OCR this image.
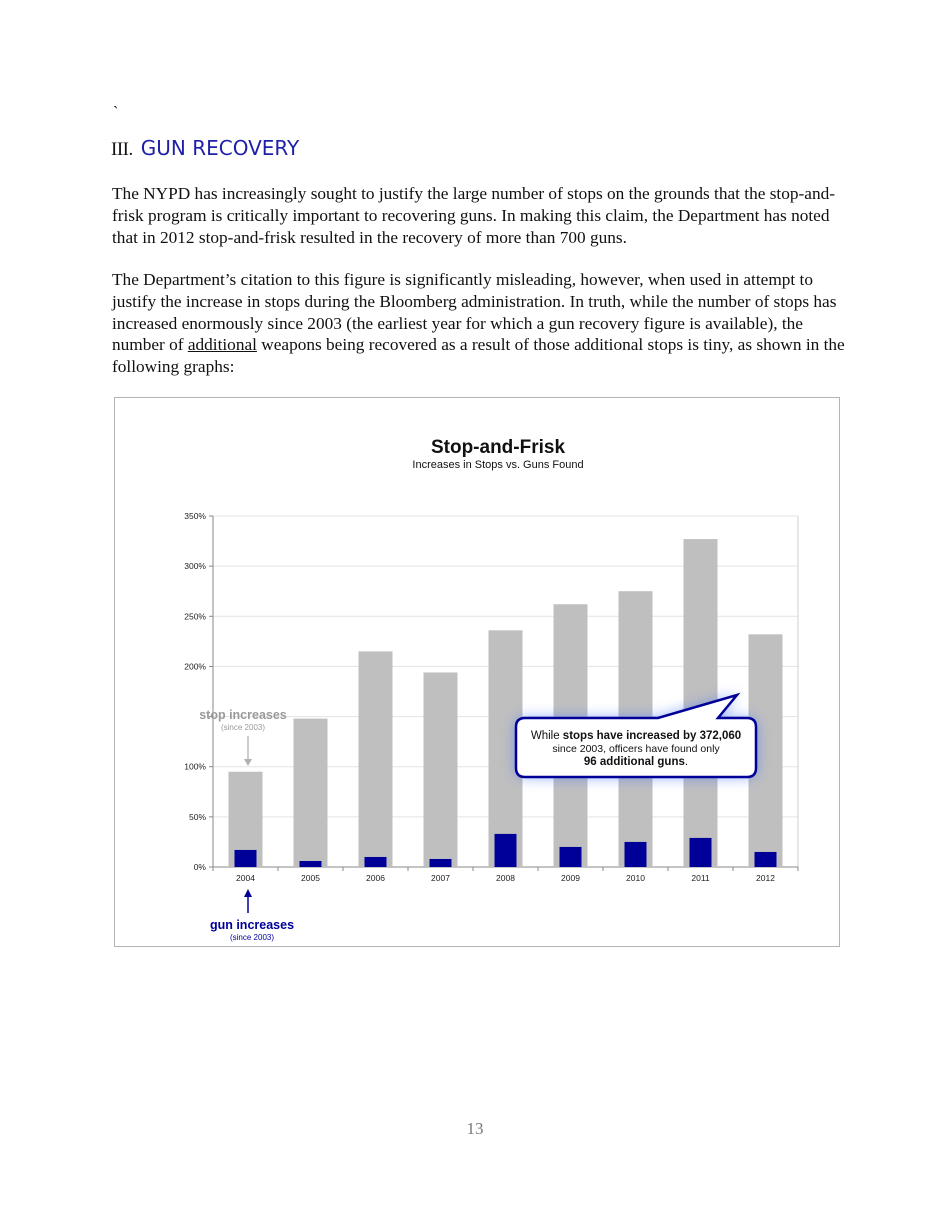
`
III. GUN RECOVERY

The NYPD has increasingly sought to justify the large number of stops on the grounds that the stop-and-frisk program is critically important to recovering guns. In making this claim, the Department has noted that in 2012 stop-and-frisk resulted in the recovery of more than 700 guns.

The Department’s citation to this figure is significantly misleading, however, when used in attempt to justify the increase in stops during the Bloomberg administration. In truth, while the number of stops has increased enormously since 2003 (the earliest year for which a gun recovery figure is available), the number of additional weapons being recovered as a result of those additional stops is tiny, as shown in the following graphs:

Stop-and-Frisk
Increases in Stops vs. Guns Found
0%
50%
100%
200%
250%
300%
350%
2004	2005	2006	2007	2008	2009	2010	2011	2012
stop increases
(since 2003)
gun increases
(since 2003)
While stops have increased by 372,060
since 2003, officers have found only
96 additional guns.
13
